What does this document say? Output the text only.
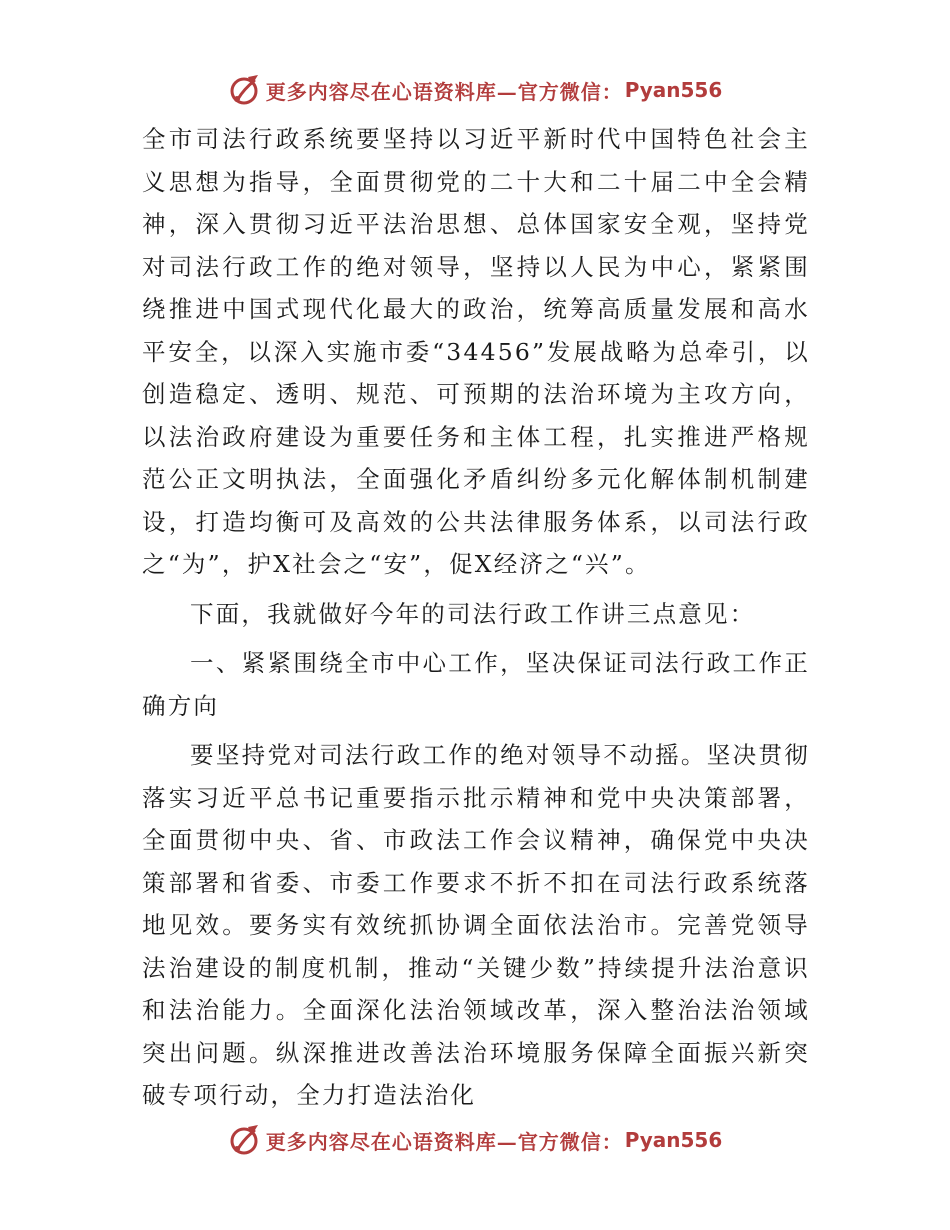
更多内容尽在心语资料库—官方微信： Pyan556

全市司法行政系统要坚持以习近平新时代中国特色社会主义思想为指导，全面贯彻党的二十大和二十届二中全会精神，深入贯彻习近平法治思想、总体国家安全观，坚持党对司法行政工作的绝对领导，坚持以人民为中心，紧紧围绕推进中国式现代化最大的政治，统筹高质量发展和高水平安全，以深入实施市委“34456”发展战略为总牵引，以创造稳定、透明、规范、可预期的法治环境为主攻方向，以法治政府建设为重要任务和主体工程，扎实推进严格规范公正文明执法，全面强化矛盾纠纷多元化解体制机制建设，打造均衡可及高效的公共法律服务体系，以司法行政之“为”，护X社会之“安”，促X经济之“兴”。

下面，我就做好今年的司法行政工作讲三点意见：

一、紧紧围绕全市中心工作，坚决保证司法行政工作正确方向

要坚持党对司法行政工作的绝对领导不动摇。坚决贯彻落实习近平总书记重要指示批示精神和党中央决策部署，全面贯彻中央、省、市政法工作会议精神，确保党中央决策部署和省委、市委工作要求不折不扣在司法行政系统落地见效。要务实有效统抓协调全面依法治市。完善党领导法治建设的制度机制，推动“关键少数”持续提升法治意识和法治能力。全面深化法治领域改革，深入整治法治领域突出问题。纵深推进改善法治环境服务保障全面振兴新突破专项行动，全力打造法治化

更多内容尽在心语资料库—官方微信： Pyan556
